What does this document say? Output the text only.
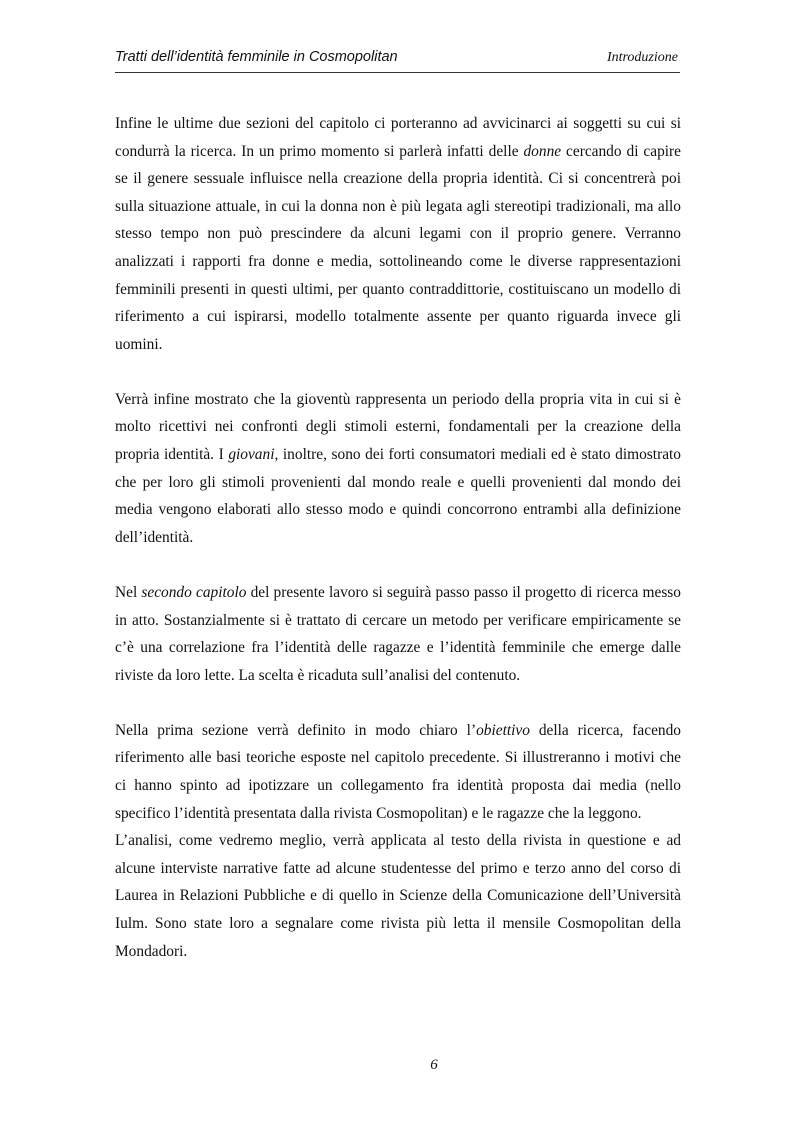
Tratti dell’identità femminile in Cosmopolitan	Introduzione

Infine le ultime due sezioni del capitolo ci porteranno ad avvicinarci ai soggetti su cui si condurrà la ricerca. In un primo momento si parlerà infatti delle donne cercando di capire se il genere sessuale influisce nella creazione della propria identità. Ci si concentrerà poi sulla situazione attuale, in cui la donna non è più legata agli stereotipi tradizionali, ma allo stesso tempo non può prescindere da alcuni legami con il proprio genere. Verranno analizzati i rapporti fra donne e media, sottolineando come le diverse rappresentazioni femminili presenti in questi ultimi, per quanto contraddittorie, costituiscano un modello di riferimento a cui ispirarsi, modello totalmente assente per quanto riguarda invece gli uomini.

Verrà infine mostrato che la gioventù rappresenta un periodo della propria vita in cui si è molto ricettivi nei confronti degli stimoli esterni, fondamentali per la creazione della propria identità. I giovani, inoltre, sono dei forti consumatori mediali ed è stato dimostrato che per loro gli stimoli provenienti dal mondo reale e quelli provenienti dal mondo dei media vengono elaborati allo stesso modo e quindi concorrono entrambi alla definizione dell’identità.

Nel secondo capitolo del presente lavoro si seguirà passo passo il progetto di ricerca messo in atto. Sostanzialmente si è trattato di cercare un metodo per verificare empiricamente se c’è una correlazione fra l’identità delle ragazze e l’identità femminile che emerge dalle riviste da loro lette. La scelta è ricaduta sull’analisi del contenuto.

Nella prima sezione verrà definito in modo chiaro l’obiettivo della ricerca, facendo riferimento alle basi teoriche esposte nel capitolo precedente. Si illustreranno i motivi che ci hanno spinto ad ipotizzare un collegamento fra identità proposta dai media (nello specifico l’identità presentata dalla rivista Cosmopolitan) e le ragazze che la leggono.

L’analisi, come vedremo meglio, verrà applicata al testo della rivista in questione e ad alcune interviste narrative fatte ad alcune studentesse del primo e terzo anno del corso di Laurea in Relazioni Pubbliche e di quello in Scienze della Comunicazione dell’Università Iulm. Sono state loro a segnalare come rivista più letta il mensile Cosmopolitan della Mondadori.

6
